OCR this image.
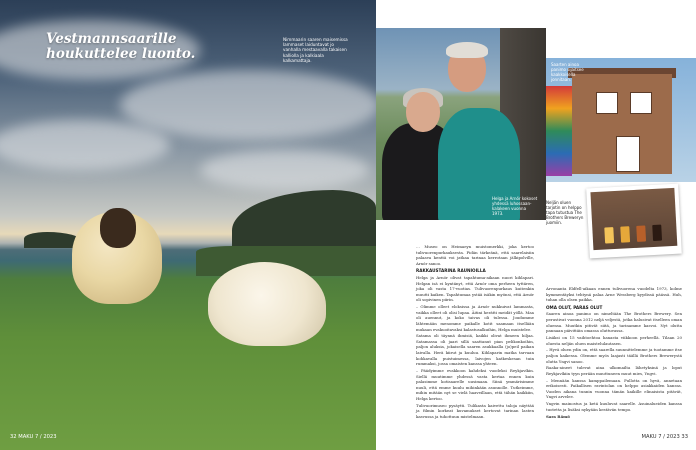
Vestmannsaarille
houkuttelee luonto.
Nimmaarin saaren maisemissa lammaset laiduntavat jo vanhalla mestaavalla takaisen kalliolla ja kalkiaala kalkamattaja.
32 MAKU 7 / 2023
Helga ja Arnór kokoset yhdessä luhossaan-kalakeen vuonna 1973.
Saarten ainoa panimo sijaitsee kaakkoisella jonnitaan.
Neljän oluen tarjotin on helppo tapa tutustua The Brothers Breweryn juomiin.

… Museo on Heimaeyn muistomerkki, joka kertoo tulivuorenpurkauksesta. Pidän tärkeänä, että saarelaisiin palaava kenttä voi jatkaa tarinaa kerrotaan jälkipolville, Arnór sanoo.

RAKKAUSTARINA RAUNIOILLA

Helga ja Arnór olivat tapahtuma-aikaan nuori kihlapari. Helgan isä ei kyntänyt, että Arnór oma perheen tyttären, joka oli vasta 17-vuotias. Tulivuorenpurkaus kuitenkin muutti kaiken. Tapahtumaa ystää isäkin myönsi, että Arnór oli sopivinen piirin.

– Olimme olleet eloksissa ja Arnór nukkuivat lammasta, vaikka olleet oli olisi lupaa. Äitini herätti meidät yöllä. Maa oli auennut, ja koko taivas oli tulessa. Joudumme lähtemään menomme paikalle kotit saamaan itsellään mukaan evakuoitavaksi kalastusalkuihin, Helga muistelee.

Satama oli täynnä ihmisiä, kaikki olivat ihmeen hiljaa. Satamassa oli jaari sillä saattanut pian pelikonkoihin, paljon aluksia, jokaisella saaren asukkaalla (jo)peil paikan laivalla. Herä kiirut ja kuuluu. Kihlaparin matka tarvaan kohkavalla puistuimessa, laivojen katkeskesan tuin rummaksi, jossa omaisten kanssa yhteen.

– Päädyimme evakkoon kahdeksi vuodeksi Reykjavíkin. Siellä muutimme yhdessä vasta kertaa ennen kuin palasimme kotisaarelle uusimaan. Siinä ymmärisimme nuuli, että emme kuulu mihinkään asunnolle. Tutkeimme, mihin mitään nyt se vielä haaveillaan, että tähän kaikkiin, Helga kertoo.

Tulivuorimuseo pysäytti. Tulikasta kaivettu taloja näyttää ja filmin korkeat kuvamukset kertovat tarinan lasten kasvussa ja tuhottuun mistelmaan.

Arvonanta Eldfell-aikaan ennen tulivuorena vuodelta 1973, kolme kymmentäyksi tehtynä palaa Arne Wessberg kyydissä päässä. Huh, tuhan olla olsen paikka.

OMA OLUT, PARAS OLUT

Saaren ainoa panimo on nimeltään The Brothers Brewery. Sen perustivat vuonna 2012 neljä veljestä, jotka halusivat itselleen oman oluensa. Muutkin pitivät siitä, ja tarinamme kasvoi. Nyt olutta pannaan päivittäin omassa oluttuvassa.

Lisäksi on 15 vaihtoehtoa hanasta viikkoon perheellä. Tilaan 20 oluesta neljän oluen maistelulautasen.

– Hyvä oluen ydin on, että saarella suunnittelemme ja tuotamme itse paljon kaikessa. Olemme myös laajasti täällä Brothers Brewerystä olutta Yngvi sanoo.

Raaka-aineet tulevat aina ulkomailta lähetyksinä ja loput Reykjavíkiin tyyn perään muuttuneen muut mies, Yngvi.

– Mennään kanssa kamppailemaan. Pullotta on hyvä, annetaan erikoisesti. Paikallisen ravintolan on helppo asiakkaiden kanssa. Vuoden aikana tunnin vuonna tämän kaikille elinaisista pitävät, Yngvi arvelee.

Yngvin mainostus ja ketä kuuluvat saarelle. Asuinalueiden kanssa tuotetta ja lisäksi nykyään kestävän tempo.

Sara Rämö

MAKU 7 / 2023 33
